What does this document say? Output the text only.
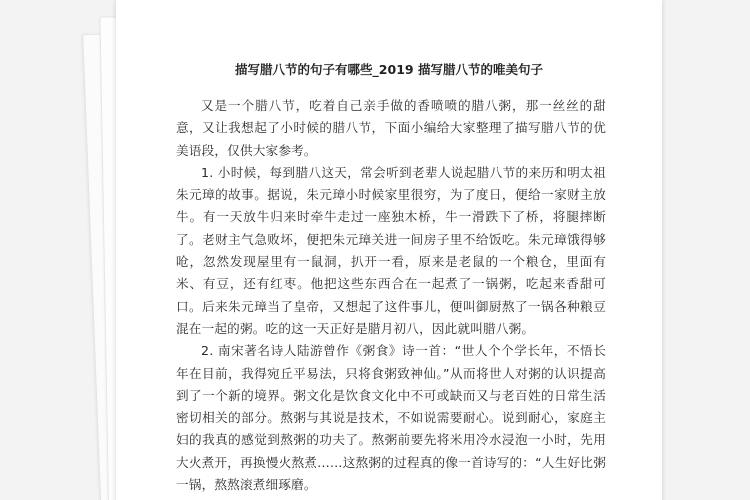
描写腊八节的句子有哪些_2019 描写腊八节的唯美句子

又是一个腊八节，吃着自己亲手做的香喷喷的腊八粥，那一丝丝的甜意，又让我想起了小时候的腊八节，下面小编给大家整理了描写腊八节的优美语段，仅供大家参考。

1. 小时候，每到腊八这天，常会听到老辈人说起腊八节的来历和明太祖朱元璋的故事。据说，朱元璋小时候家里很穷，为了度日，便给一家财主放牛。有一天放牛归来时牵牛走过一座独木桥，牛一滑跌下了桥，将腿摔断了。老财主气急败坏，便把朱元璋关进一间房子里不给饭吃。朱元璋饿得够呛，忽然发现屋里有一鼠洞，扒开一看，原来是老鼠的一个粮仓，里面有米、有豆，还有红枣。他把这些东西合在一起煮了一锅粥，吃起来香甜可口。后来朱元璋当了皇帝，又想起了这件事儿，便叫御厨熬了一锅各种粮豆混在一起的粥。吃的这一天正好是腊月初八，因此就叫腊八粥。

2. 南宋著名诗人陆游曾作《粥食》诗一首：“世人个个学长年，不悟长年在目前，我得宛丘平易法，只将食粥致神仙。”从而将世人对粥的认识提高到了一个新的境界。粥文化是饮食文化中不可或缺而又与老百姓的日常生活密切相关的部分。熬粥与其说是技术，不如说需要耐心。说到耐心，家庭主妇的我真的感觉到熬粥的功夫了。熬粥前要先将米用冷水浸泡一小时，先用大火煮开，再换慢火熬煮……这熬粥的过程真的像一首诗写的：“人生好比粥一锅，熬熬滚煮细琢磨。
